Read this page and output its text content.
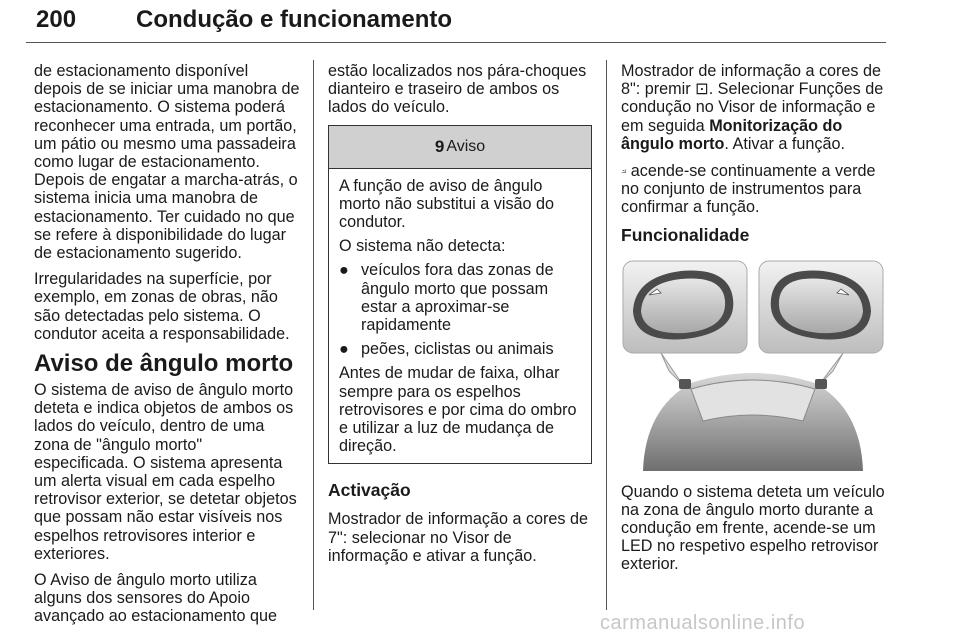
200 Condução e funcionamento

de estacionamento disponível depois de se iniciar uma manobra de estacionamento. O sistema poderá reconhecer uma entrada, um portão, um pátio ou mesmo uma passadeira como lugar de estacionamento. Depois de engatar a marcha-atrás, o sistema inicia uma manobra de estacionamento. Ter cuidado no que se refere à disponibilidade do lugar de estacionamento sugerido.

Irregularidades na superfície, por exemplo, em zonas de obras, não são detectadas pelo sistema. O condutor aceita a responsabilidade.

Aviso de ângulo morto

O sistema de aviso de ângulo morto deteta e indica objetos de ambos os lados do veículo, dentro de uma zona de "ângulo morto" especificada. O sistema apresenta um alerta visual em cada espelho retrovisor exterior, se detetar objetos que possam não estar visíveis nos espelhos retrovisores interior e exteriores.

O Aviso de ângulo morto utiliza alguns dos sensores do Apoio avançado ao estacionamento que

estão localizados nos pára-choques dianteiro e traseiro de ambos os lados do veículo.

9 Aviso

A função de aviso de ângulo morto não substitui a visão do condutor.

O sistema não detecta:

● veículos fora das zonas de ângulo morto que possam estar a aproximar-se rapidamente
● peões, ciclistas ou animais

Antes de mudar de faixa, olhar sempre para os espelhos retrovisores e por cima do ombro e utilizar a luz de mudança de direção.

Activação

Mostrador de informação a cores de 7": selecionar no Visor de informação e ativar a função.

Mostrador de informação a cores de 8": premir ⊡. Selecionar Funções de condução no Visor de informação e em seguida Monitorização do ângulo morto. Ativar a função.

⟓ acende-se continuamente a verde no conjunto de instrumentos para confirmar a função.

Funcionalidade

Quando o sistema deteta um veículo na zona de ângulo morto durante a condução em frente, acende-se um LED no respetivo espelho retrovisor exterior.

carmanualsonline.info
